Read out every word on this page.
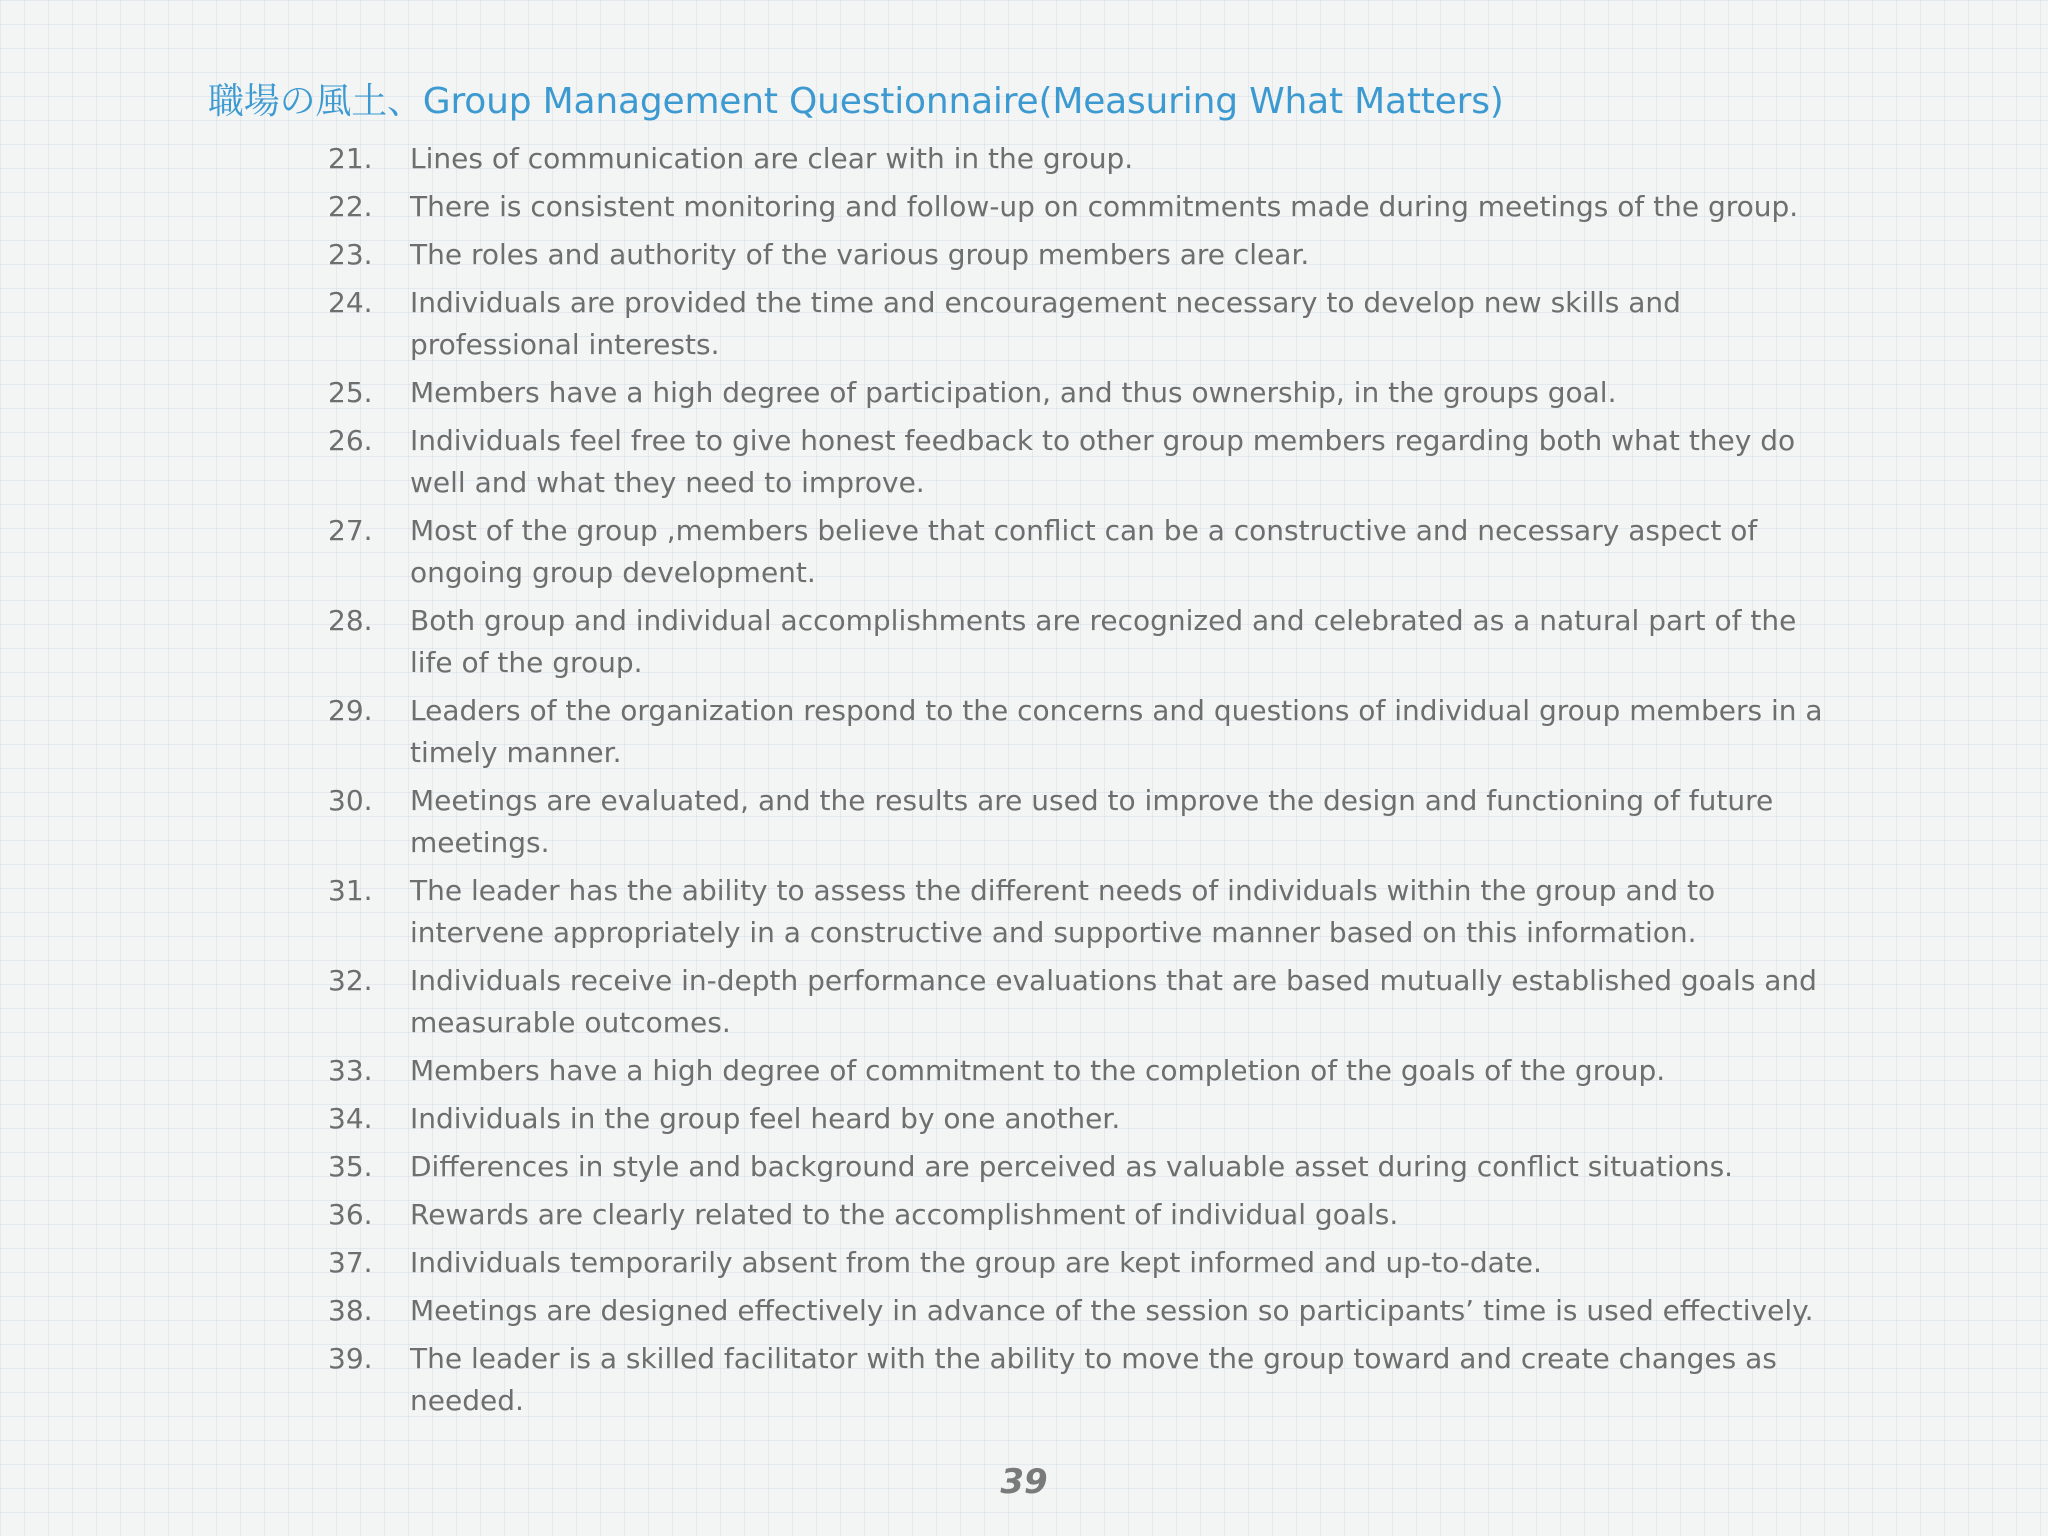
職場の風土、Group Management Questionnaire(Measuring What Matters)
21.	Lines of communication are clear with in the group.
22.	There is consistent monitoring and follow-up on commitments made during meetings of the group.
23.	The roles and authority of the various group members are clear.
24.	Individuals are provided the time and encouragement necessary to develop new skills and professional interests.
25.	Members have a high degree of participation, and thus ownership, in the groups goal.
26.	Individuals feel free to give honest feedback to other group members regarding both what they do well and what they need to improve.
27.	Most of the group ,members believe that conflict can be a constructive and necessary aspect of ongoing group development.
28.	Both group and individual accomplishments are recognized and celebrated as a natural part of the life of the group.
29.	Leaders of the organization respond to the concerns and questions of individual group members in a timely manner.
30.	Meetings are evaluated, and the results are used to improve the design and functioning of future meetings.
31.	The leader has the ability to assess the different needs of individuals within the group and to intervene appropriately in a constructive and supportive manner based on this information.
32.	Individuals receive in-depth performance evaluations that are based mutually established goals and measurable outcomes.
33.	Members have a high degree of commitment to the completion of the goals of the group.
34.	Individuals in the group feel heard by one another.
35.	Differences in style and background are perceived as valuable asset during conflict situations.
36.	Rewards are clearly related to the accomplishment of individual goals.
37.	Individuals temporarily absent from the group are kept informed and up-to-date.
38.	Meetings are designed effectively in advance of the session so participants’ time is used effectively.
39.	The leader is a skilled facilitator with the ability to move the group toward and create changes as needed.
39
